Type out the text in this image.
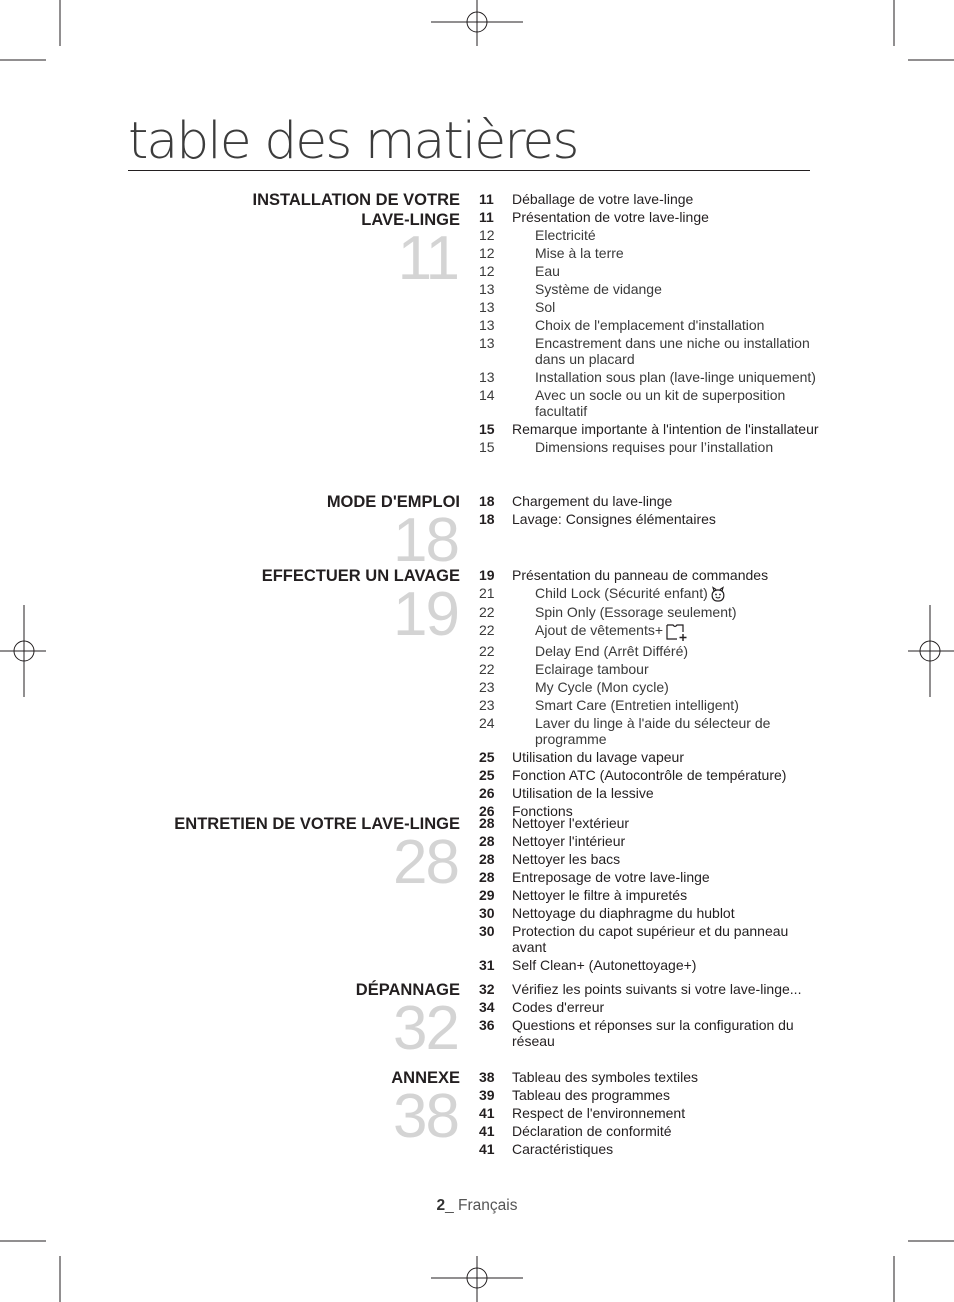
table des matières
INSTALLATION DE VOTRE
LAVE-LINGE
11
11	Déballage de votre lave-linge
11	Présentation de votre lave-linge
12	Electricité
12	Mise à la terre
12	Eau
13	Système de vidange
13	Sol
13	Choix de l'emplacement d'installation
13	Encastrement dans une niche ou installation dans un placard
13	Installation sous plan (lave-linge uniquement)
14	Avec un socle ou un kit de superposition facultatif
15	Remarque importante à l'intention de l'installateur
15	Dimensions requises pour l’installation
MODE D'EMPLOI
18
18	Chargement du lave-linge
18	Lavage: Consignes élémentaires
EFFECTUER UN LAVAGE
19
19	Présentation du panneau de commandes
21	Child Lock (Sécurité enfant)
22	Spin Only (Essorage seulement)
22	Ajout de vêtements+
22	Delay End (Arrêt Différé)
22	Eclairage tambour
23	My Cycle (Mon cycle)
23	Smart Care (Entretien intelligent)
24	Laver du linge à l'aide du sélecteur de programme
25	Utilisation du lavage vapeur
25	Fonction ATC (Autocontrôle de température)
26	Utilisation de la lessive
26	Fonctions
ENTRETIEN DE VOTRE LAVE-LINGE
28
28	Nettoyer l'extérieur
28	Nettoyer l'intérieur
28	Nettoyer les bacs
28	Entreposage de votre lave-linge
29	Nettoyer le filtre à impuretés
30	Nettoyage du diaphragme du hublot
30	Protection du capot supérieur et du panneau avant
31	Self Clean+ (Autonettoyage+)
DÉPANNAGE
32
32	Vérifiez les points suivants si votre lave-linge...
34	Codes d'erreur
36	Questions et réponses sur la configuration du réseau
ANNEXE
38
38	Tableau des symboles textiles
39	Tableau des programmes
41	Respect de l'environnement
41	Déclaration de conformité
41	Caractéristiques
2_ Français
